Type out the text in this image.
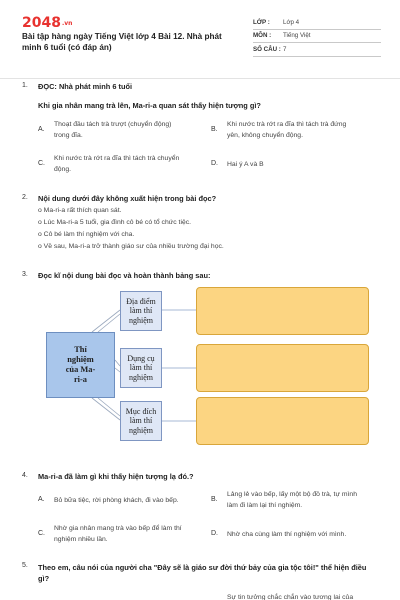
2048.vn
Bài tập hàng ngày Tiếng Việt lớp 4 Bài 12. Nhà phát minh 6 tuổi (có đáp án)
LỚP : Lớp 4
MÔN : Tiếng Việt
SỐ CÂU : 7
1. ĐỌC: Nhà phát minh 6 tuổi
Khi gia nhân mang trà lên, Ma-ri-a quan sát thấy hiện tượng gì?
A.
Thoạt đầu tách trà trượt (chuyển động)
trong đĩa.
B.
Khi nước trà rớt ra đĩa thì tách trà đứng
yên, không chuyển động.
C.
Khi nước trà rớt ra đĩa thì tách trà chuyển
động.
D. Hai ý A và B
2. Nội dung dưới đây không xuất hiện trong bài đọc?
o Ma-ri-a rất thích quan sát.
o Lúc Ma-ri-a 5 tuổi, gia đình cô bé có tổ chức tiệc.
o Cô bé làm thí nghiệm với cha.
o Về sau, Ma-ri-a trở thành giáo sư của nhiều trường đại học.
3. Đọc kĩ nội dung bài đọc và hoàn thành bảng sau:
Thí
nghiệm
của Ma-
ri-a
Địa điểm
làm thí
nghiệm
Dụng cụ
làm thí
nghiệm
Mục đích
làm thí
nghiệm
4. Ma-ri-a đã làm gì khi thấy hiện tượng lạ đó.?
A. Bỏ bữa tiệc, rời phòng khách, đi vào bếp.	B.
Lảng lẻ vào bếp, lấy một bộ đồ trà, tự mình
làm đi làm lại thí nghiệm.
C.
Nhờ gia nhân mang trà vào bếp để làm thí
nghiệm nhiều lần.
D. Nhờ cha cùng làm thí nghiệm với mình.
5. Theo em, câu nói của người cha "Đây sẽ là giáo sư đời thứ bảy của gia tộc tôi!" thể hiện điều
gì?
Sự tin tưởng chắc chắn vào tương lai của
